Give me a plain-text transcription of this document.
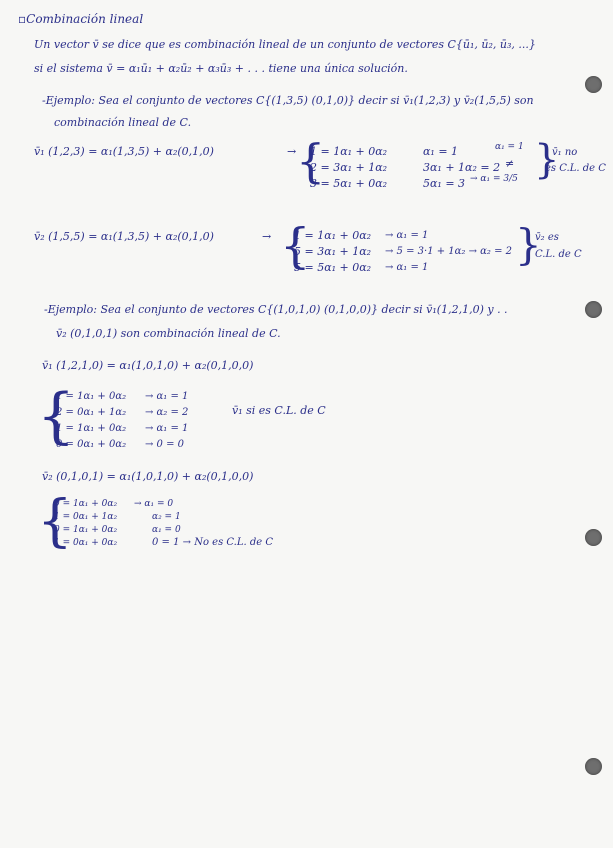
▫Combinación lineal
Un vector v̄ se dice que es combinación lineal de un conjunto de vectores C{ū₁, ū₂, ū₃, ...}
si el sistema v̄ = α₁ū₁ + α₂ū₂ + α₃ū₃ + . . . tiene una única solución.
-Ejemplo: Sea el conjunto de vectores C{(1,3,5) (0,1,0)} decir si v̄₁(1,2,3) y v̄₂(1,5,5) son
combinación lineal de C.
v̄₁ (1,2,3) = α₁(1,3,5) + α₂(0,1,0)	→ {
1 = 1α₁ + 0α₂
2 = 3α₁ + 1α₂
3 = 5α₁ + 0α₂
α₁ = 1
3α₁ + 1α₂ = 2
5α₁ = 3
α₁ = 1
≠
→ α₁ = 3/5 }
v̄₁ no
es C.L. de C
v̄₂ (1,5,5) = α₁(1,3,5) + α₂(0,1,0)	→ {
1 = 1α₁ + 0α₂
5 = 3α₁ + 1α₂
5 = 5α₁ + 0α₂
→ α₁ = 1
→ 5 = 3·1 + 1α₂ → α₂ = 2
→ α₁ = 1 }
v̄₂ es
C.L. de C
-Ejemplo: Sea el conjunto de vectores C{(1,0,1,0) (0,1,0,0)} decir si v̄₁(1,2,1,0) y . .
v̄₂ (0,1,0,1) son combinación lineal de C.
v̄₁ (1,2,1,0) = α₁(1,0,1,0) + α₂(0,1,0,0)
{
1 = 1α₁ + 0α₂
2 = 0α₁ + 1α₂
1 = 1α₁ + 0α₂
0 = 0α₁ + 0α₂
→ α₁ = 1
→ α₂ = 2
→ α₁ = 1
→ 0 = 0
v̄₁ si es C.L. de C
v̄₂ (0,1,0,1) = α₁(1,0,1,0) + α₂(0,1,0,0)
{
0 = 1α₁ + 0α₂
1 = 0α₁ + 1α₂
0 = 1α₁ + 0α₂
1 = 0α₁ + 0α₂
→ α₁ = 0
α₂ = 1
α₁ = 0
0 = 1 → No es C.L. de C
